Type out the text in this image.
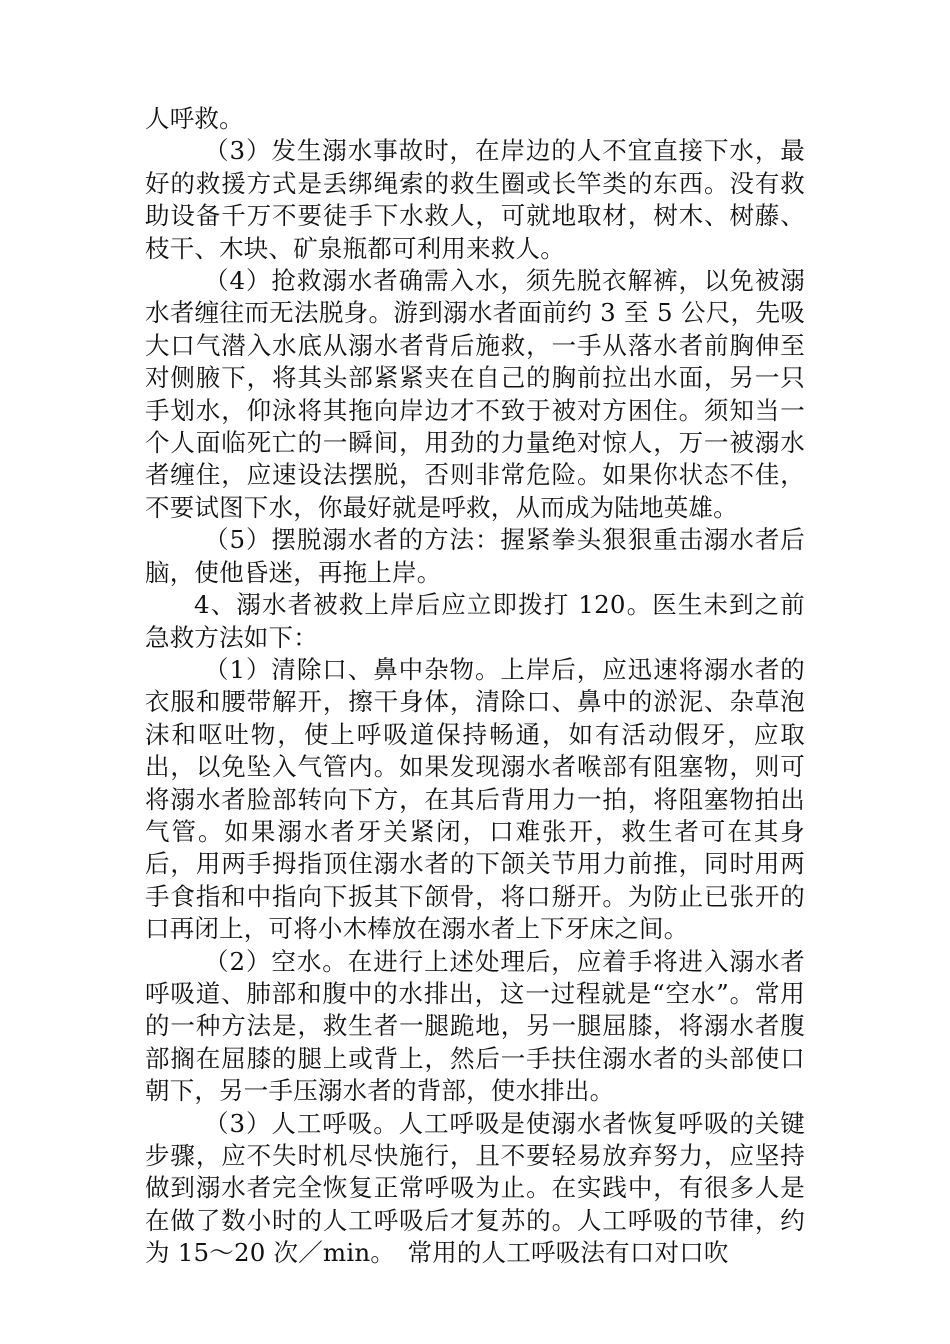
人呼救。

（3）发生溺水事故时，在岸边的人不宜直接下水，最好的救援方式是丢绑绳索的救生圈或长竿类的东西。没有救助设备千万不要徒手下水救人，可就地取材，树木、树藤、枝干、木块、矿泉瓶都可利用来救人。

（4）抢救溺水者确需入水，须先脱衣解裤，以免被溺水者缠往而无法脱身。游到溺水者面前约 3 至 5 公尺，先吸大口气潜入水底从溺水者背后施救，一手从落水者前胸伸至对侧腋下，将其头部紧紧夹在自己的胸前拉出水面，另一只手划水，仰泳将其拖向岸边才不致于被对方困住。须知当一个人面临死亡的一瞬间，用劲的力量绝对惊人，万一被溺水者缠住，应速设法摆脱，否则非常危险。如果你状态不佳，不要试图下水，你最好就是呼救，从而成为陆地英雄。

（5）摆脱溺水者的方法：握紧拳头狠狠重击溺水者后脑，使他昏迷，再拖上岸。

4、溺水者被救上岸后应立即拨打 120。医生未到之前急救方法如下：

（1）清除口、鼻中杂物。上岸后，应迅速将溺水者的衣服和腰带解开，擦干身体，清除口、鼻中的淤泥、杂草泡沫和呕吐物，使上呼吸道保持畅通，如有活动假牙，应取出，以免坠入气管内。如果发现溺水者喉部有阻塞物，则可将溺水者脸部转向下方，在其后背用力一拍，将阻塞物拍出气管。如果溺水者牙关紧闭，口难张开，救生者可在其身后，用两手拇指顶住溺水者的下颌关节用力前推，同时用两手食指和中指向下扳其下颌骨，将口掰开。为防止已张开的口再闭上，可将小木棒放在溺水者上下牙床之间。

（2）空水。在进行上述处理后，应着手将进入溺水者呼吸道、肺部和腹中的水排出，这一过程就是“空水”。常用的一种方法是，救生者一腿跪地，另一腿屈膝，将溺水者腹部搁在屈膝的腿上或背上，然后一手扶住溺水者的头部使口朝下，另一手压溺水者的背部，使水排出。

（3）人工呼吸。人工呼吸是使溺水者恢复呼吸的关键步骤，应不失时机尽快施行，且不要轻易放弃努力，应坚持做到溺水者完全恢复正常呼吸为止。在实践中，有很多人是在做了数小时的人工呼吸后才复苏的。人工呼吸的节律，约为 15～20 次／min。　常用的人工呼吸法有口对口吹
